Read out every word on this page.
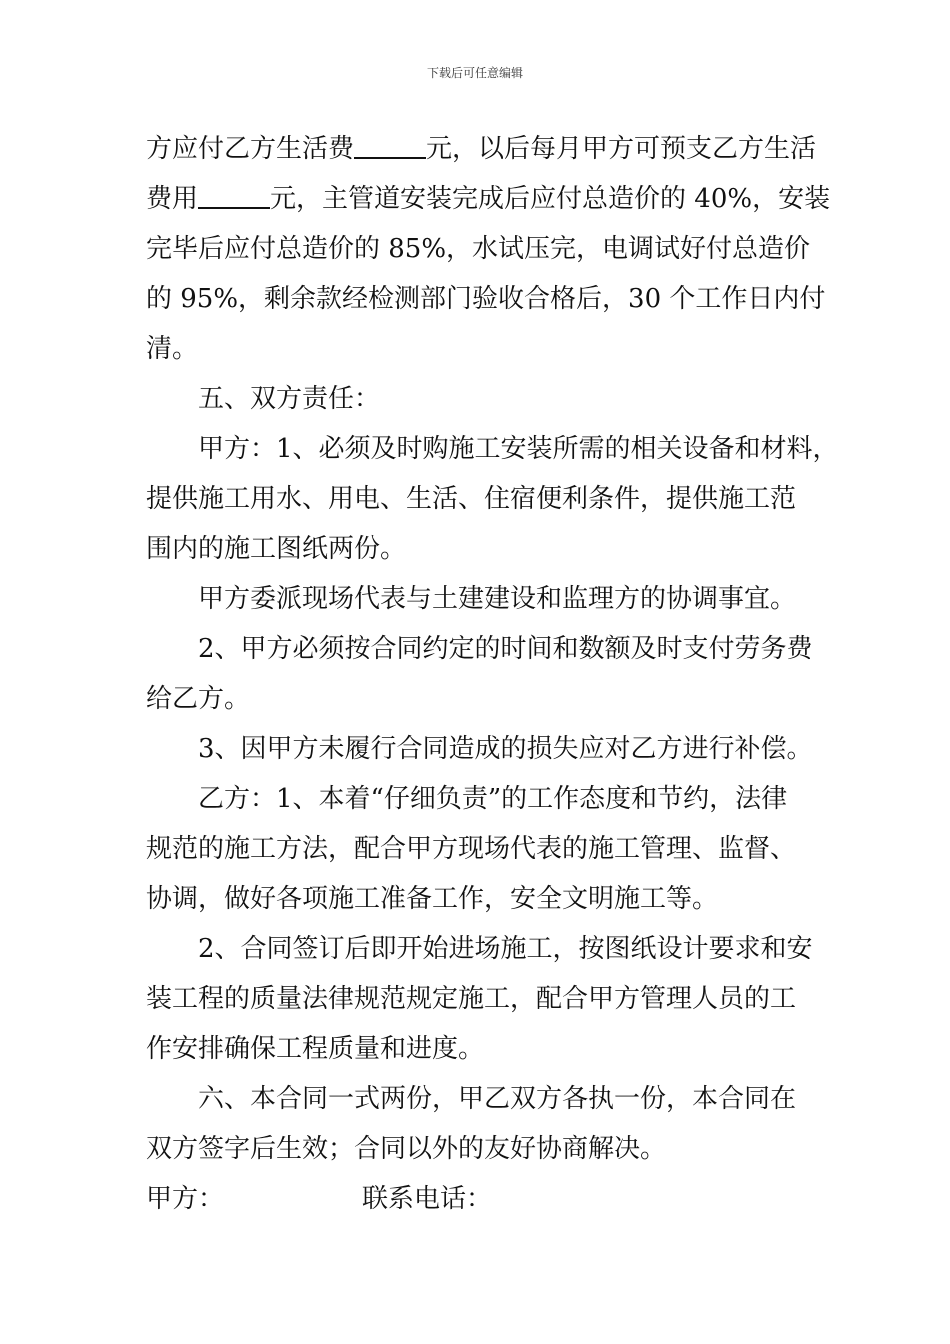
下载后可任意编辑
方应付乙方生活费	元，以后每月甲方可预支乙方生活
费用	元，主管道安装完成后应付总造价的 40%，安装
完毕后应付总造价的 85%，水试压完，电调试好付总造价
的 95%，剩余款经检测部门验收合格后，30 个工作日内付
清。
五、双方责任：
甲方：1、必须及时购施工安装所需的相关设备和材料，
提供施工用水、用电、生活、住宿便利条件，提供施工范
围内的施工图纸两份。
甲方委派现场代表与土建建设和监理方的协调事宜。
2、甲方必须按合同约定的时间和数额及时支付劳务费
给乙方。
3、因甲方未履行合同造成的损失应对乙方进行补偿。
乙方：1、本着“仔细负责”的工作态度和节约，法律
规范的施工方法，配合甲方现场代表的施工管理、监督、
协调，做好各项施工准备工作，安全文明施工等。
2、合同签订后即开始进场施工，按图纸设计要求和安
装工程的质量法律规范规定施工，配合甲方管理人员的工
作安排确保工程质量和进度。
六、本合同一式两份，甲乙双方各执一份，本合同在
双方签字后生效；合同以外的友好协商解决。
甲方：	联系电话：
